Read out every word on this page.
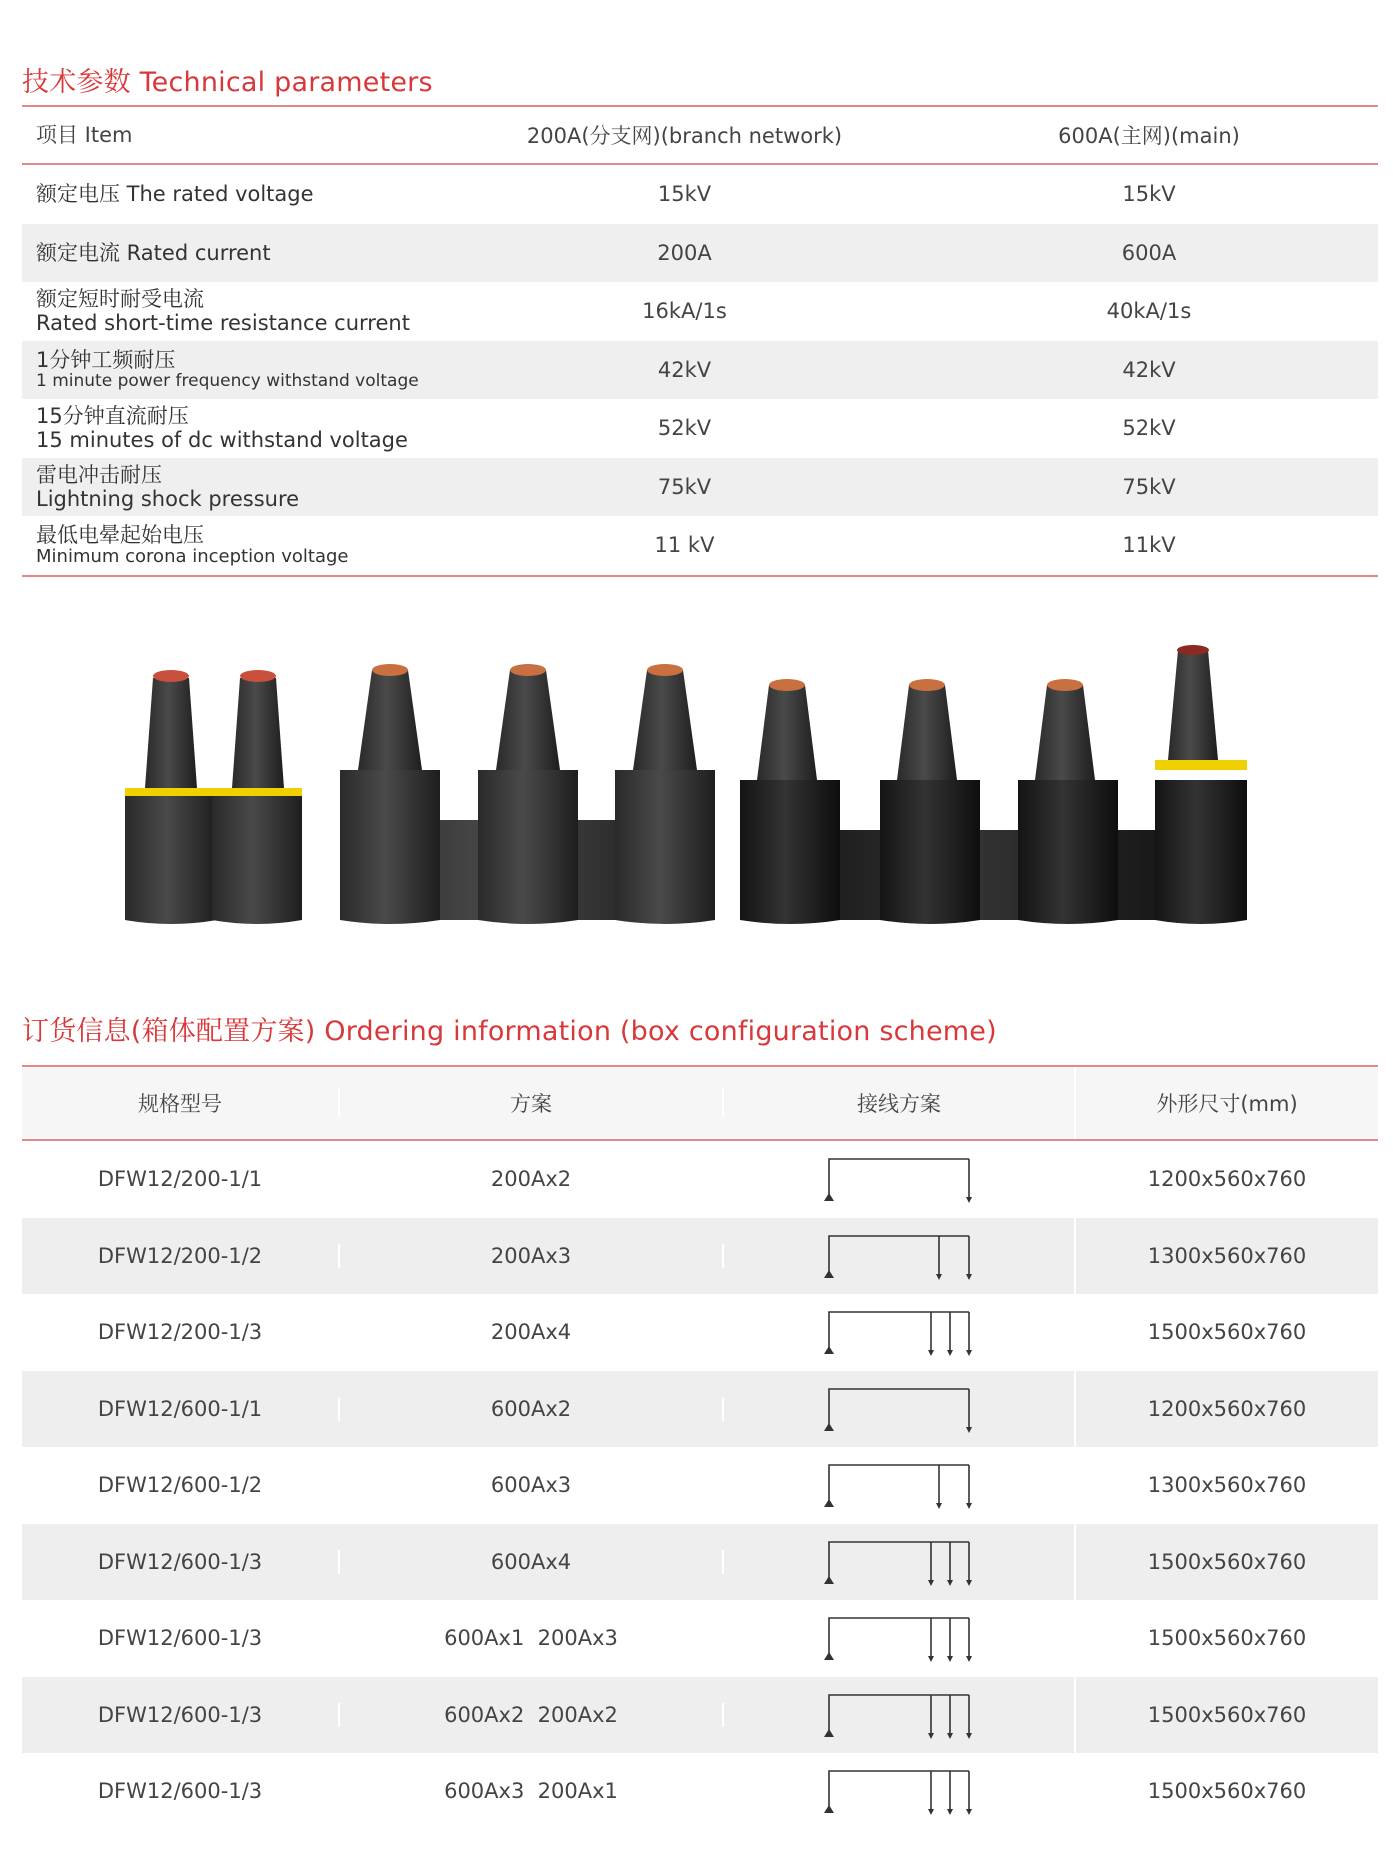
技术参数 Technical parameters
项目 Item	200A(分支网)(branch network)	600A(主网)(main)
额定电压 The rated voltage	15kV	15kV
额定电流 Rated current	200A	600A
额定短时耐受电流
Rated short-time resistance current	16kA/1s	40kA/1s
1分钟工频耐压
1 minute power frequency withstand voltage	42kV	42kV
15分钟直流耐压
15 minutes of dc withstand voltage	52kV	52kV
雷电冲击耐压
Lightning shock pressure	75kV	75kV
最低电晕起始电压
Minimum corona inception voltage	11 kV	11kV
订货信息(箱体配置方案) Ordering information (box configuration scheme)
规格型号	方案	接线方案	外形尺寸(mm)
DFW12/200-1/1	200Ax2	1200x560x760
DFW12/200-1/2	200Ax3	1300x560x760
DFW12/200-1/3	200Ax4	1500x560x760
DFW12/600-1/1	600Ax2	1200x560x760
DFW12/600-1/2	600Ax3	1300x560x760
DFW12/600-1/3	600Ax4	1500x560x760
DFW12/600-1/3	600Ax1  200Ax3	1500x560x760
DFW12/600-1/3	600Ax2  200Ax2	1500x560x760
DFW12/600-1/3	600Ax3  200Ax1	1500x560x760
